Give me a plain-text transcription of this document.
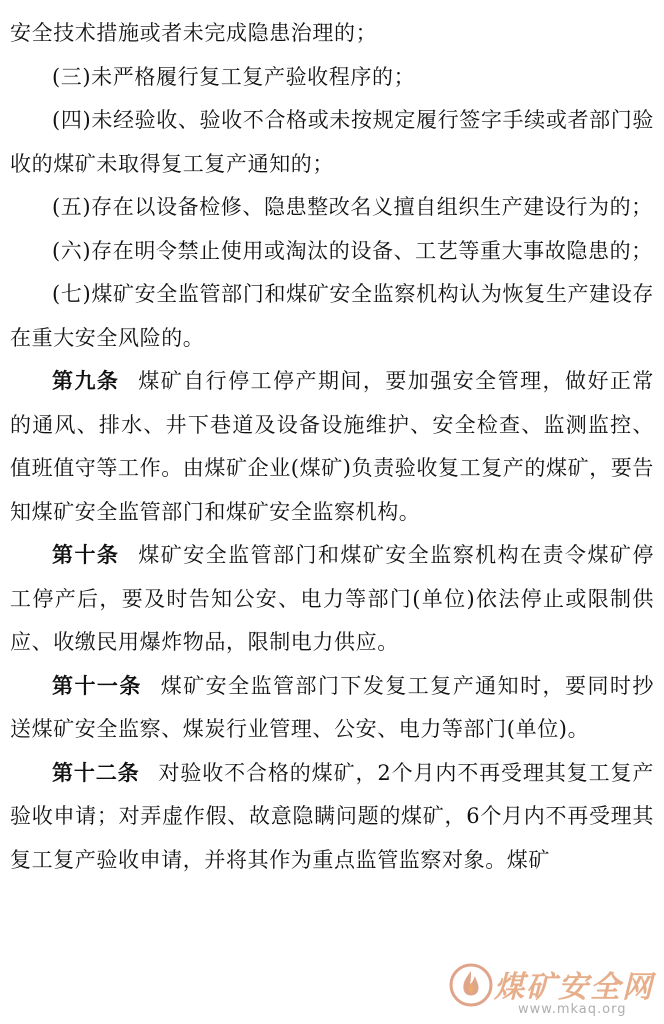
安全技术措施或者未完成隐患治理的；

(三)未严格履行复工复产验收程序的；

(四)未经验收、验收不合格或未按规定履行签字手续或者部门验收的煤矿未取得复工复产通知的；

(五)存在以设备检修、隐患整改名义擅自组织生产建设行为的；

(六)存在明令禁止使用或淘汰的设备、工艺等重大事故隐患的；

(七)煤矿安全监管部门和煤矿安全监察机构认为恢复生产建设存在重大安全风险的。

第九条 煤矿自行停工停产期间，要加强安全管理，做好正常的通风、排水、井下巷道及设备设施维护、安全检查、监测监控、值班值守等工作。由煤矿企业(煤矿)负责验收复工复产的煤矿，要告知煤矿安全监管部门和煤矿安全监察机构。

第十条 煤矿安全监管部门和煤矿安全监察机构在责令煤矿停工停产后，要及时告知公安、电力等部门(单位)依法停止或限制供应、收缴民用爆炸物品，限制电力供应。

第十一条 煤矿安全监管部门下发复工复产通知时，要同时抄送煤矿安全监察、煤炭行业管理、公安、电力等部门(单位)。

第十二条 对验收不合格的煤矿，2个月内不再受理其复工复产验收申请；对弄虚作假、故意隐瞒问题的煤矿，6个月内不再受理其复工复产验收申请，并将其作为重点监管监察对象。煤矿

煤矿安全网
www.mkaq.org
